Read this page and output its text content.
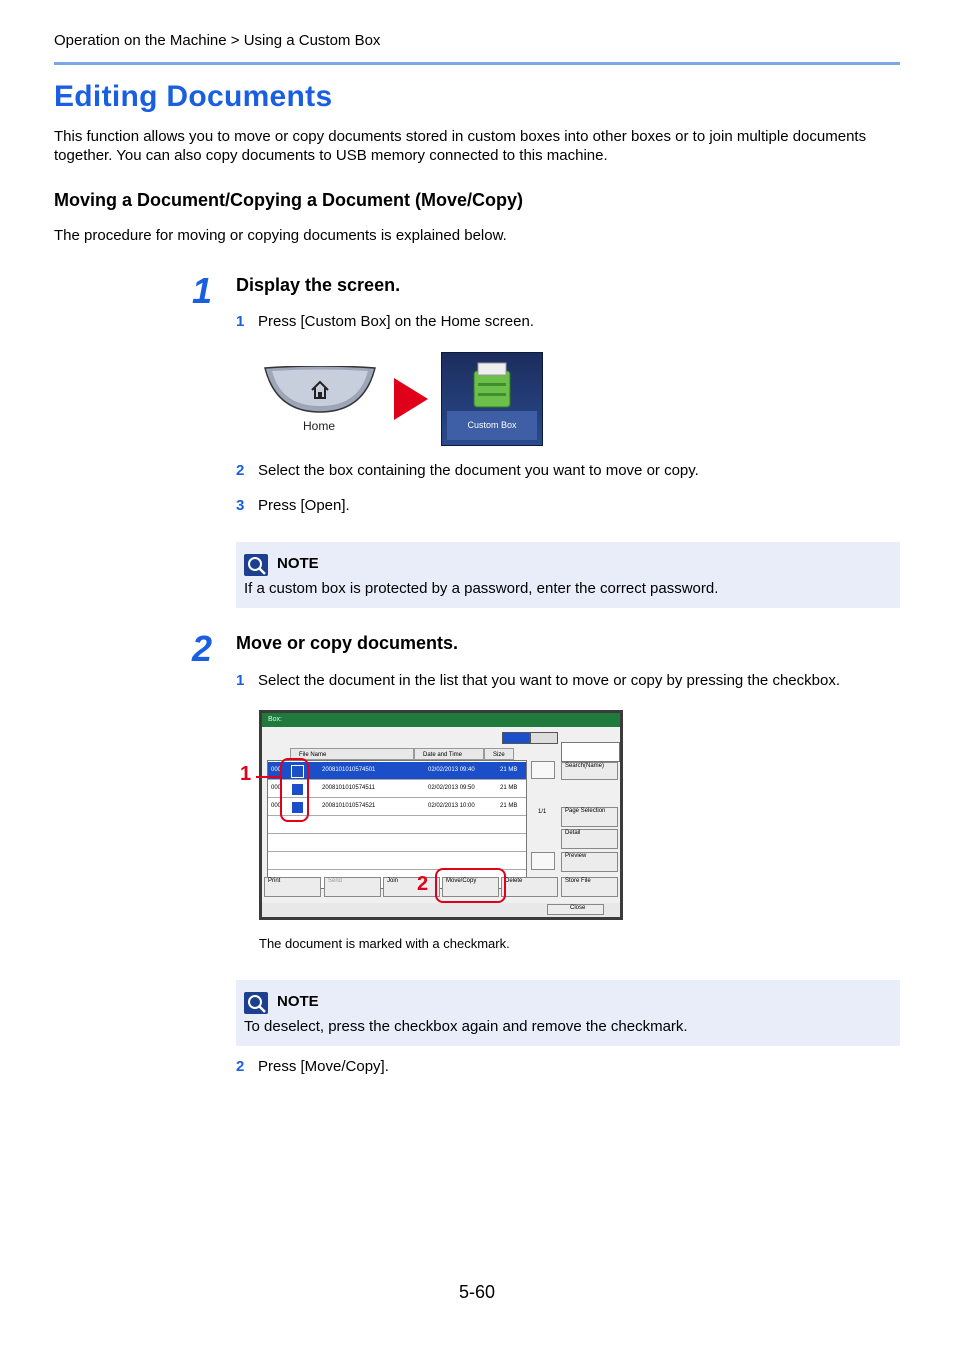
Operation on the Machine > Using a Custom Box
Editing Documents
This function allows you to move or copy documents stored in custom boxes into other boxes or to join multiple documents together. You can also copy documents to USB memory connected to this machine.
Moving a Document/Copying a Document (Move/Copy)
The procedure for moving or copying documents is explained below.
1 Display the screen.
1 Press [Custom Box] on the Home screen.
Home	Custom Box
2 Select the box containing the document you want to move or copy.
3 Press [Open].
NOTE
If a custom box is protected by a password, enter the correct password.
2 Move or copy documents.
1 Select the document in the list that you want to move or copy by pressing the checkbox.
Box:
File Name	Date and Time	Size
000	20081010105745​01	02/02/2013 09:40	21 MB
000	2008101010574511	02/02/2013 09:50	21 MB
000	2008101010574521	02/02/2013 10:00	21 MB
1/1
Search(Name)
Page Selection
Detail
Preview
Print	Send	Join	Move/Copy	Delete	Store File
Close
1
2
The document is marked with a checkmark.
NOTE
To deselect, press the checkbox again and remove the checkmark.
2 Press [Move/Copy].
5-60
